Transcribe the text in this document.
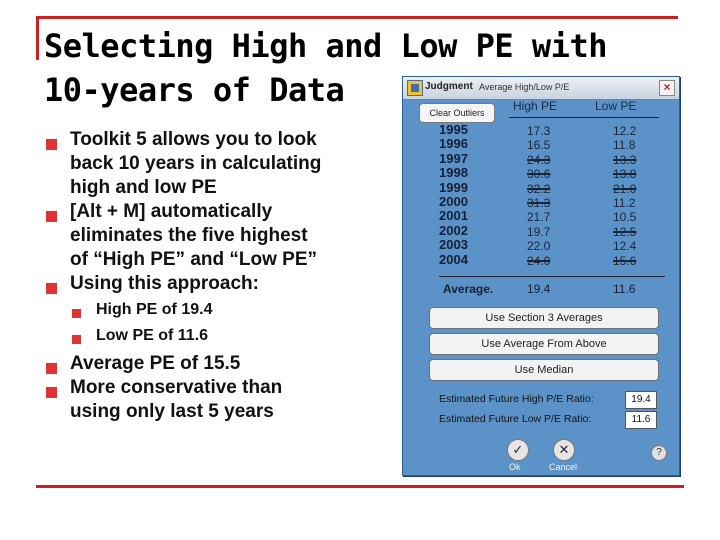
Selecting High and Low PE with
10-years of Data

Toolkit 5 allows you to look

back 10 years in calculating

high and low PE

[Alt + M] automatically

eliminates the five highest

of “High PE” and “Low PE”

Using this approach:

High PE of 19.4
Low PE of 11.6

Average PE of 15.5

More conservative than

using only last 5 years

Judgment Average High/Low P/E	×
Clear Outliers	High PE	Low PE
1995	17.3	12.2
1996	16.5	11.8
1997	24.3	13.3
1998	30.6	13.8
1999	32.2	21.0
2000	31.3	11.2
2001	21.7	10.5
2002	19.7	12.5
2003	22.0	12.4
2004	24.0	15.6
Average.	19.4	11.6
Use Section 3 Averages
Use Average From Above
Use Median
Estimated Future High P/E Ratio:	19.4
Estimated Future Low P/E Ratio:	11.6
✓
Ok
✕
Cancel
?
